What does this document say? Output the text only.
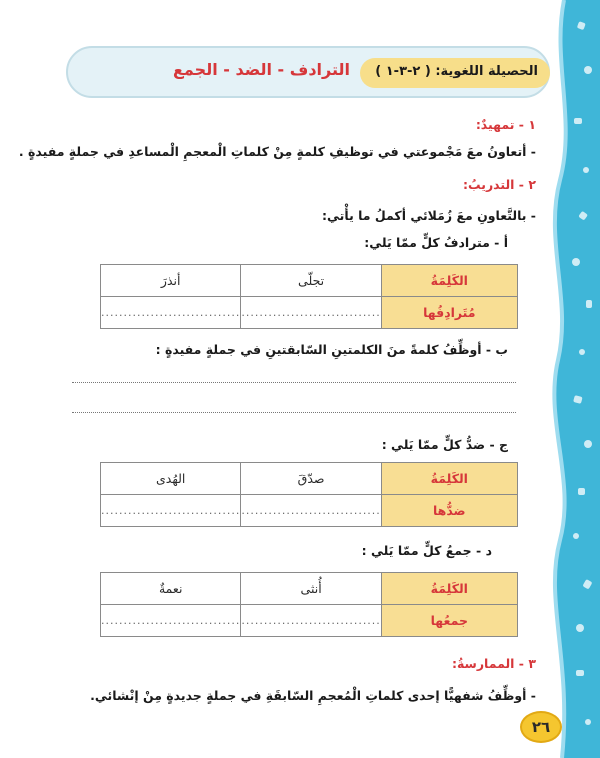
الحصيلة اللغوية: ( ٢-٣-١ )
الترادف - الضد - الجمع
١ - تمهيدٌ:
- أتعاونُ معَ مَجْموعتي في توظيفِ كلمةٍ مِنْ كلماتِ الْمعجمِ الْمساعدِ في جملةٍ مفيدةٍ .
٢ - التدريبُ:
- بالتَّعاونِ معَ زُمَلائي أكملُ ما يأْتي:
أ - مترادفُ كلٍّ ممّا يَلي:
الكَلِمَةُ	تجلّى	أنذرَ
مُتَرادِفُها	...............................	...............................
ب - أوظِّفُ كلمةً منَ الكلمتينِ السّابقتينِ في جملةٍ مفيدةٍ :
ج - ضدُّ كلٍّ ممّا يَلي :
الكَلِمَةُ	صدّقَ	الهُدى
ضدُّها	...............................	...............................
د - جمعُ كلٍّ ممّا يَلي :
الكَلِمَةُ	أُنثى	نعمةٌ
جمعُها	...............................	...............................
٣ - الممارسةُ:
- أوظِّفُ شفهيًّا إحدى كلماتِ الْمُعجمِ السّابقَةِ في جملةٍ جديدةٍ مِنْ إنْشائي.
٢٦
